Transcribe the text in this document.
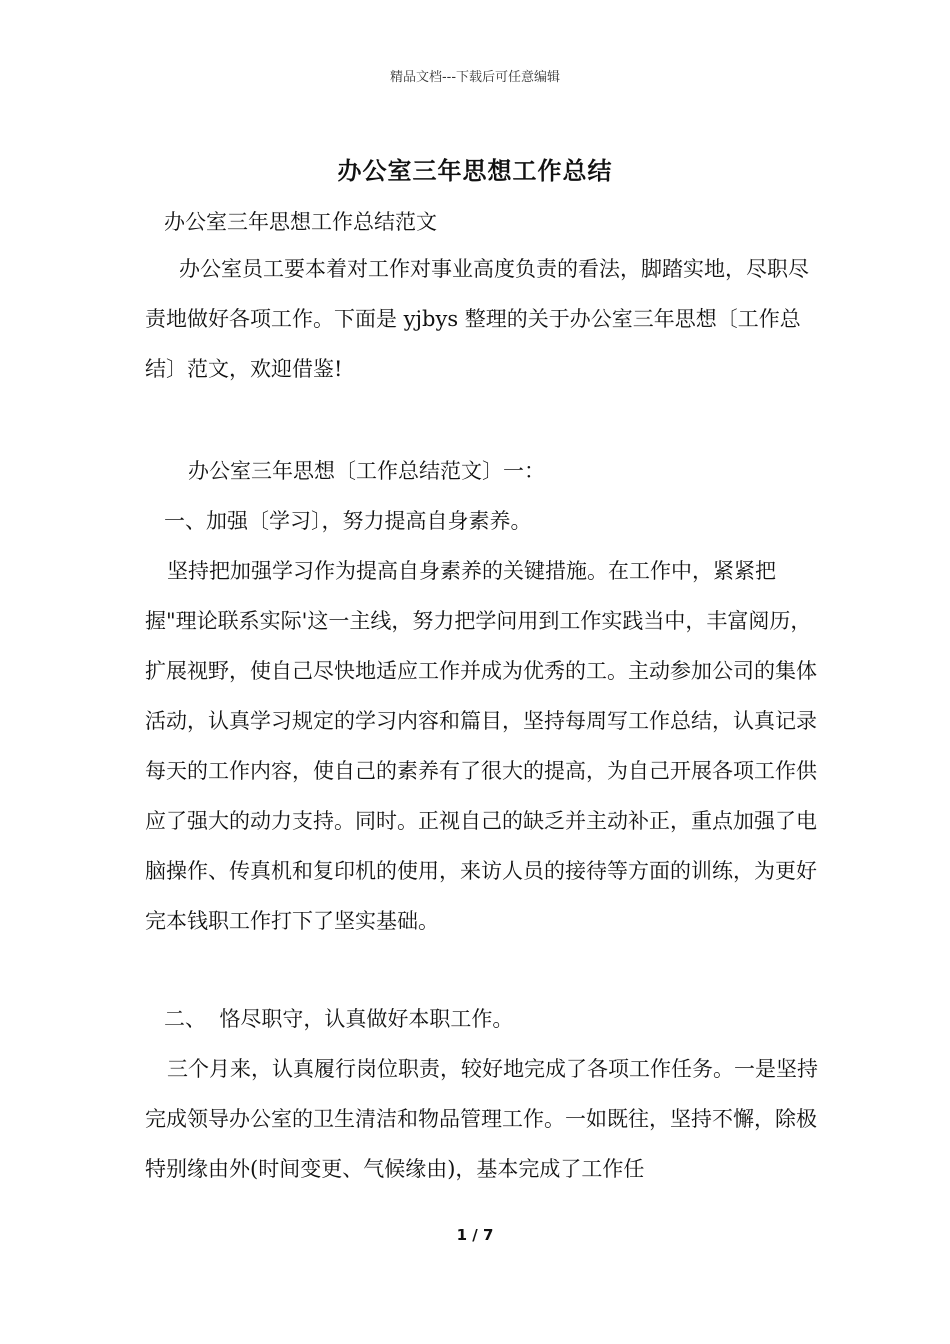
精品文档---下载后可任意编辑
办公室三年思想工作总结
办公室三年思想工作总结范文

办公室员工要本着对工作对事业高度负责的看法，脚踏实地，尽职尽责地做好各项工作。下面是 yjbys 整理的关于办公室三年思想〔工作总结〕范文，欢迎借鉴!

办公室三年思想〔工作总结范文〕一：
一、加强〔学习〕，努力提高自身素养。

坚持把加强学习作为提高自身素养的关键措施。在工作中，紧紧把握"理论联系实际'这一主线，努力把学问用到工作实践当中，丰富阅历，扩展视野，使自己尽快地适应工作并成为优秀的工。主动参加公司的集体活动，认真学习规定的学习内容和篇目，坚持每周写工作总结，认真记录每天的工作内容，使自己的素养有了很大的提高，为自己开展各项工作供应了强大的动力支持。同时。正视自己的缺乏并主动补正，重点加强了电脑操作、传真机和复印机的使用，来访人员的接待等方面的训练，为更好完本钱职工作打下了坚实基础。

二、  恪尽职守，认真做好本职工作。

三个月来，认真履行岗位职责，较好地完成了各项工作任务。一是坚持完成领导办公室的卫生清洁和物品管理工作。一如既往，坚持不懈，除极特别缘由外(时间变更、气候缘由)，基本完成了工作任

1 / 7
